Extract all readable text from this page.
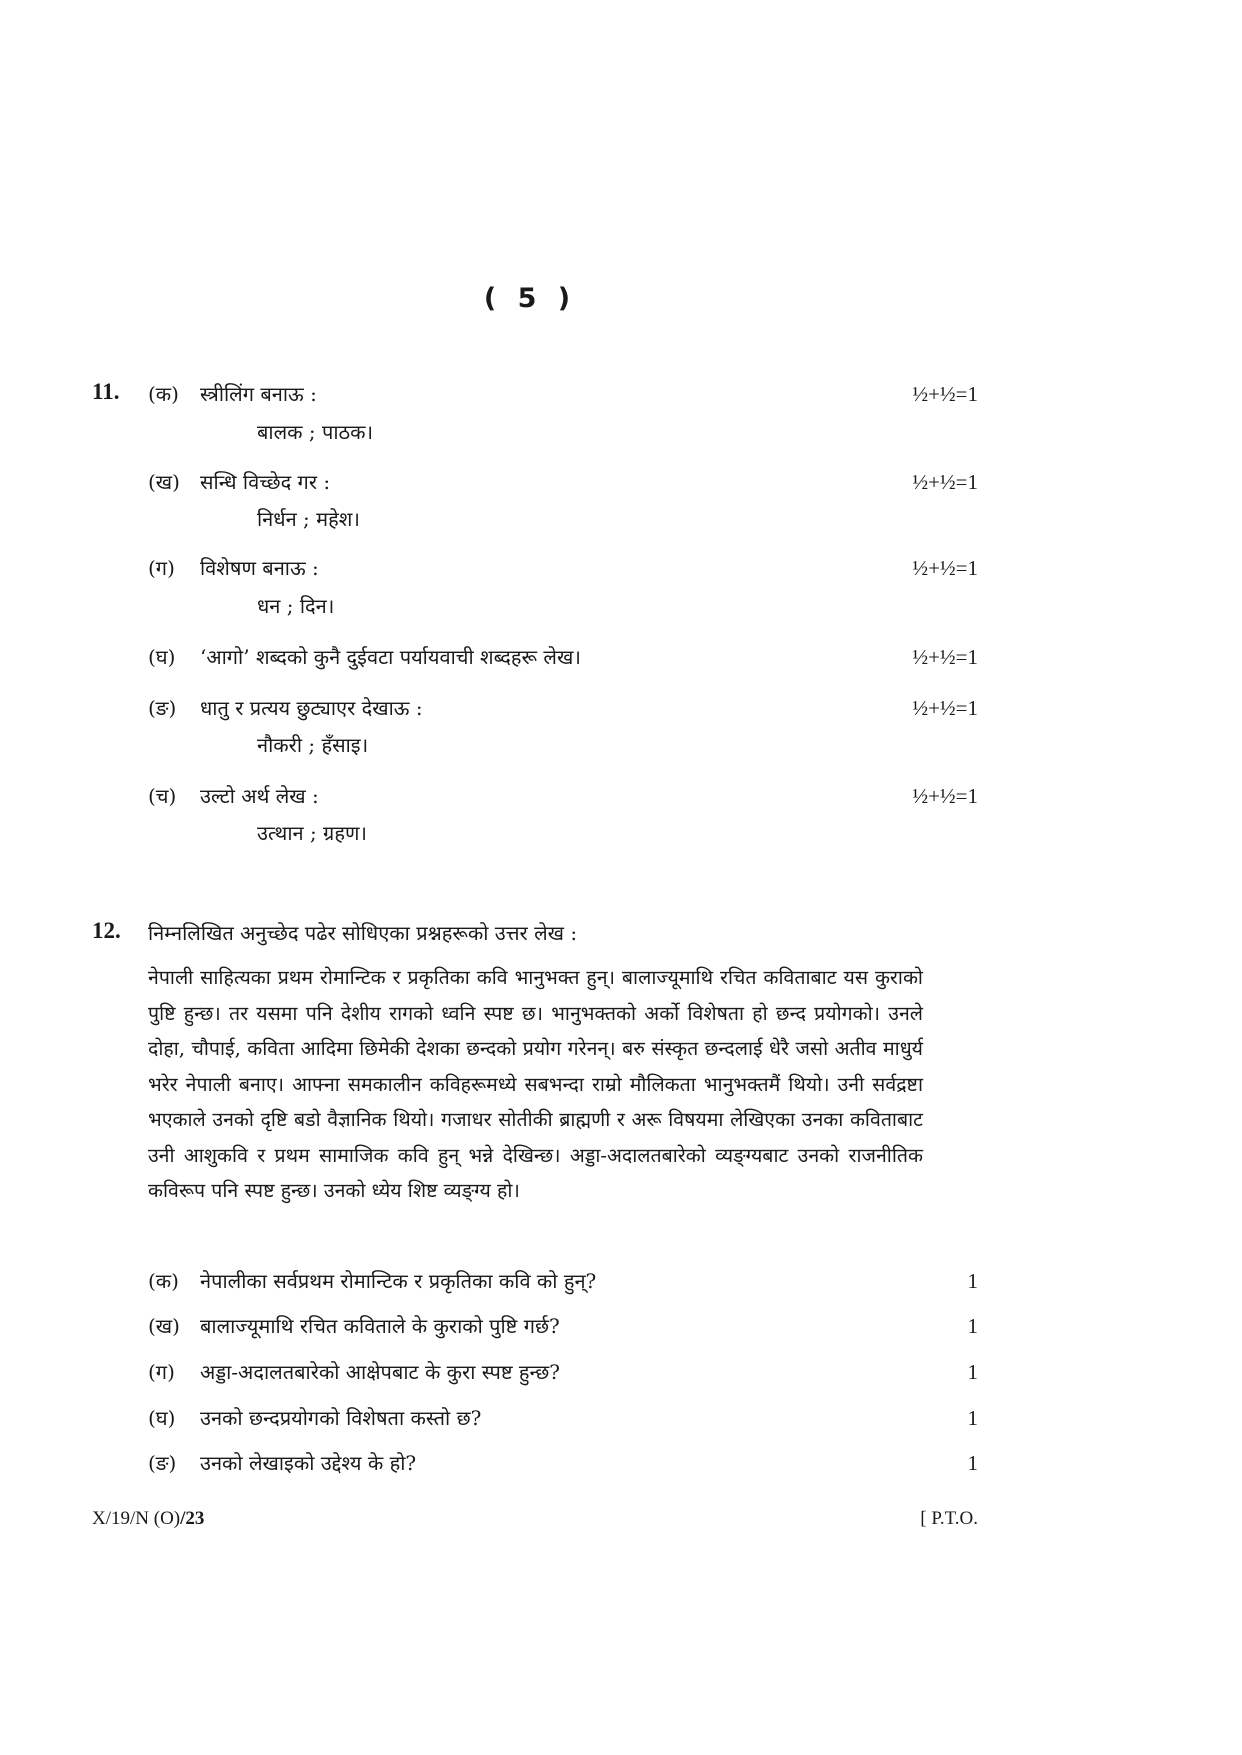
( 5 )
11. (क) स्त्रीलिंग बनाऊ :	½+½=1
बालक ; पाठक।
(ख) सन्धि विच्छेद गर :	½+½=1
निर्धन ; महेश।
(ग) विशेषण बनाऊ :	½+½=1
धन ; दिन।
(घ) ‘आगो’ शब्दको कुनै दुईवटा पर्यायवाची शब्दहरू लेख।	½+½=1
(ङ) धातु र प्रत्यय छुट्याएर देखाऊ :	½+½=1
नौकरी ; हँसाइ।
(च) उल्टो अर्थ लेख :	½+½=1
उत्थान ; ग्रहण।
12. निम्नलिखित अनुच्छेद पढेर सोधिएका प्रश्नहरूको उत्तर लेख :
नेपाली साहित्यका प्रथम रोमान्टिक र प्रकृतिका कवि भानुभक्त हुन्। बालाज्यूमाथि रचित कविताबाट यस कुराको पुष्टि हुन्छ। तर यसमा पनि देशीय रागको ध्वनि स्पष्ट छ। भानुभक्तको अर्को विशेषता हो छन्द प्रयोगको। उनले दोहा, चौपाई, कविता आदिमा छिमेकी देशका छन्दको प्रयोग गरेनन्। बरु संस्कृत छन्दलाई धेरै जसो अतीव माधुर्य भरेर नेपाली बनाए। आफ्ना समकालीन कविहरूमध्ये सबभन्दा राम्रो मौलिकता भानुभक्तमैं थियो। उनी सर्वद्रष्टा भएकाले उनको दृष्टि बडो वैज्ञानिक थियो। गजाधर सोतीकी ब्राह्मणी र अरू विषयमा लेखिएका उनका कविताबाट उनी आशुकवि र प्रथम सामाजिक कवि हुन् भन्ने देखिन्छ। अड्डा-अदालतबारेको व्यङ्ग्यबाट उनको राजनीतिक कविरूप पनि स्पष्ट हुन्छ। उनको ध्येय शिष्ट व्यङ्ग्य हो।
(क) नेपालीका सर्वप्रथम रोमान्टिक र प्रकृतिका कवि को हुन्?	1
(ख) बालाज्यूमाथि रचित कविताले के कुराको पुष्टि गर्छ?	1
(ग) अड्डा-अदालतबारेको आक्षेपबाट के कुरा स्पष्ट हुन्छ?	1
(घ) उनको छन्दप्रयोगको विशेषता कस्तो छ?	1
(ङ) उनको लेखाइको उद्देश्य के हो?	1
X/19/N (O)/23	[ P.T.O.
